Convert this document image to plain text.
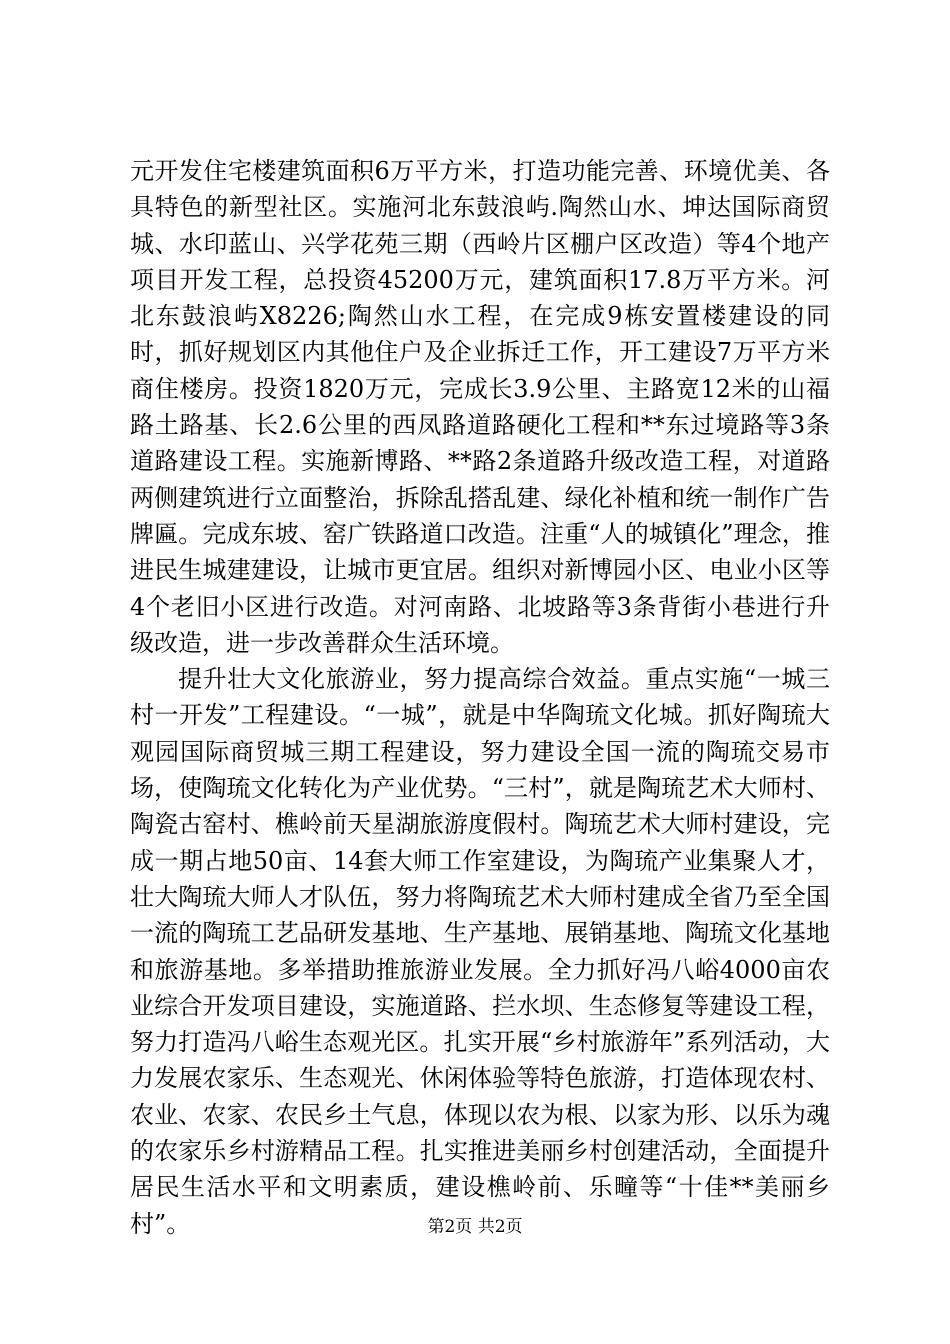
元开发住宅楼建筑面积6万平方米，打造功能完善、环境优美、各具特色的新型社区。实施河北东鼓浪屿.陶然山水、坤达国际商贸城、水印蓝山、兴学花苑三期（西岭片区棚户区改造）等4个地产项目开发工程，总投资45200万元，建筑面积17.8万平方米。河北东鼓浪屿X8226;陶然山水工程，在完成9栋安置楼建设的同时，抓好规划区内其他住户及企业拆迁工作，开工建设7万平方米商住楼房。投资1820万元，完成长3.9公里、主路宽12米的山福路土路基、长2.6公里的西凤路道路硬化工程和**东过境路等3条道路建设工程。实施新博路、**路2条道路升级改造工程，对道路两侧建筑进行立面整治，拆除乱搭乱建、绿化补植和统一制作广告牌匾。完成东坡、窑广铁路道口改造。注重“人的城镇化”理念，推进民生城建建设，让城市更宜居。组织对新博园小区、电业小区等4个老旧小区进行改造。对河南路、北坡路等3条背街小巷进行升级改造，进一步改善群众生活环境。

提升壮大文化旅游业，努力提高综合效益。重点实施“一城三村一开发”工程建设。“一城”，就是中华陶琉文化城。抓好陶琉大观园国际商贸城三期工程建设，努力建设全国一流的陶琉交易市场，使陶琉文化转化为产业优势。“三村”，就是陶琉艺术大师村、陶瓷古窑村、樵岭前天星湖旅游度假村。陶琉艺术大师村建设，完成一期占地50亩、14套大师工作室建设，为陶琉产业集聚人才，壮大陶琉大师人才队伍，努力将陶琉艺术大师村建成全省乃至全国一流的陶琉工艺品研发基地、生产基地、展销基地、陶琉文化基地和旅游基地。多举措助推旅游业发展。全力抓好冯八峪4000亩农业综合开发项目建设，实施道路、拦水坝、生态修复等建设工程，努力打造冯八峪生态观光区。扎实开展“乡村旅游年”系列活动，大力发展农家乐、生态观光、休闲体验等特色旅游，打造体现农村、农业、农家、农民乡土气息，体现以农为根、以家为形、以乐为魂的农家乐乡村游精品工程。扎实推进美丽乡村创建活动，全面提升居民生活水平和文明素质，建设樵岭前、乐疃等“十佳**美丽乡村”。	第2页 共2页
